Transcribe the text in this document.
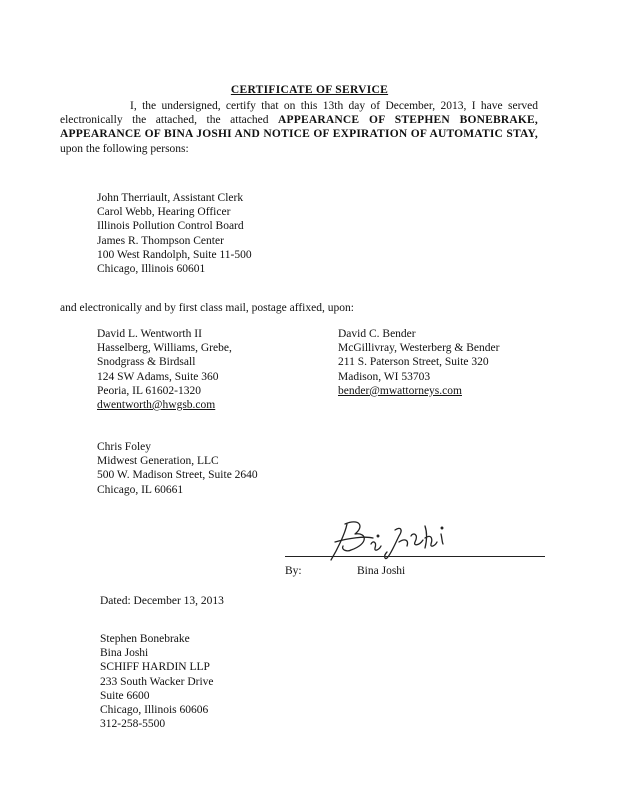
CERTIFICATE OF SERVICE
I, the undersigned, certify that on this 13th day of December, 2013, I have served electronically the attached, the attached APPEARANCE OF STEPHEN BONEBRAKE, APPEARANCE OF BINA JOSHI AND NOTICE OF EXPIRATION OF AUTOMATIC STAY, upon the following persons:
John Therriault, Assistant Clerk
Carol Webb, Hearing Officer
Illinois Pollution Control Board
James R. Thompson Center
100 West Randolph, Suite 11-500
Chicago, Illinois 60601
and electronically and by first class mail, postage affixed, upon:
David L. Wentworth II
Hasselberg, Williams, Grebe,
Snodgrass & Birdsall
124 SW Adams, Suite 360
Peoria, IL 61602-1320
dwentworth@hwgsb.com
David C. Bender
McGillivray, Westerberg & Bender
211 S. Paterson Street, Suite 320
Madison, WI 53703
bender@mwattorneys.com
Chris Foley
Midwest Generation, LLC
500 W. Madison Street, Suite 2640
Chicago, IL 60661
By:	Bina Joshi
Dated: December 13, 2013
Stephen Bonebrake
Bina Joshi
SCHIFF HARDIN LLP
233 South Wacker Drive
Suite 6600
Chicago, Illinois 60606
312-258-5500
